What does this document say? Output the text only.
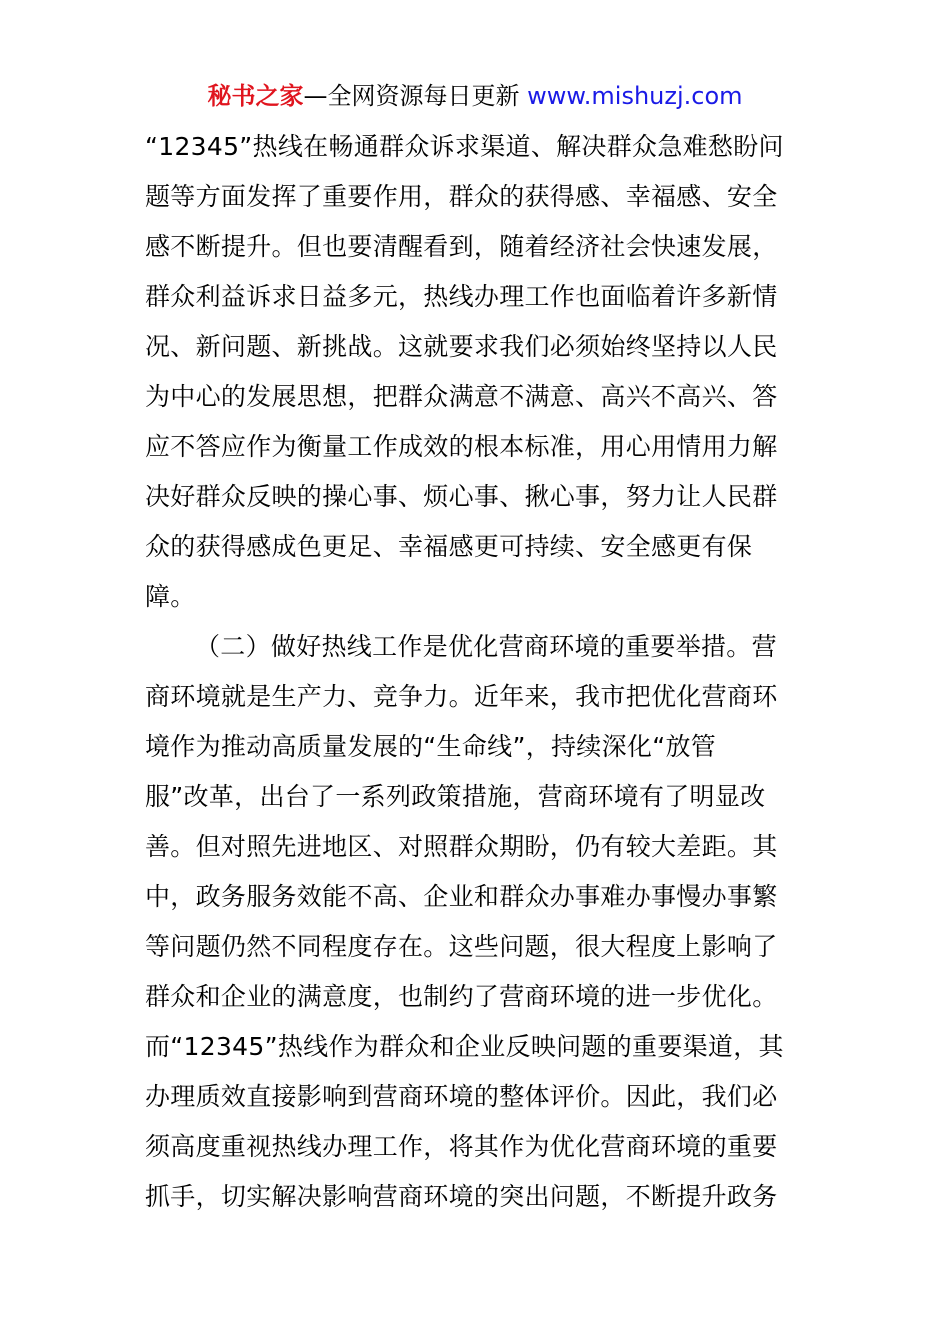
秘书之家—全网资源每日更新 www.mishuzj.com
“12345”热线在畅通群众诉求渠道、解决群众急难愁盼问
题等方面发挥了重要作用，群众的获得感、幸福感、安全
感不断提升。但也要清醒看到，随着经济社会快速发展，
群众利益诉求日益多元，热线办理工作也面临着许多新情
况、新问题、新挑战。这就要求我们必须始终坚持以人民
为中心的发展思想，把群众满意不满意、高兴不高兴、答
应不答应作为衡量工作成效的根本标准，用心用情用力解
决好群众反映的操心事、烦心事、揪心事，努力让人民群
众的获得感成色更足、幸福感更可持续、安全感更有保
障。
（二）做好热线工作是优化营商环境的重要举措。营
商环境就是生产力、竞争力。近年来，我市把优化营商环
境作为推动高质量发展的“生命线”，持续深化“放管
服”改革，出台了一系列政策措施，营商环境有了明显改
善。但对照先进地区、对照群众期盼，仍有较大差距。其
中，政务服务效能不高、企业和群众办事难办事慢办事繁
等问题仍然不同程度存在。这些问题，很大程度上影响了
群众和企业的满意度，也制约了营商环境的进一步优化。
而“12345”热线作为群众和企业反映问题的重要渠道，其
办理质效直接影响到营商环境的整体评价。因此，我们必
须高度重视热线办理工作，将其作为优化营商环境的重要
抓手，切实解决影响营商环境的突出问题，不断提升政务
